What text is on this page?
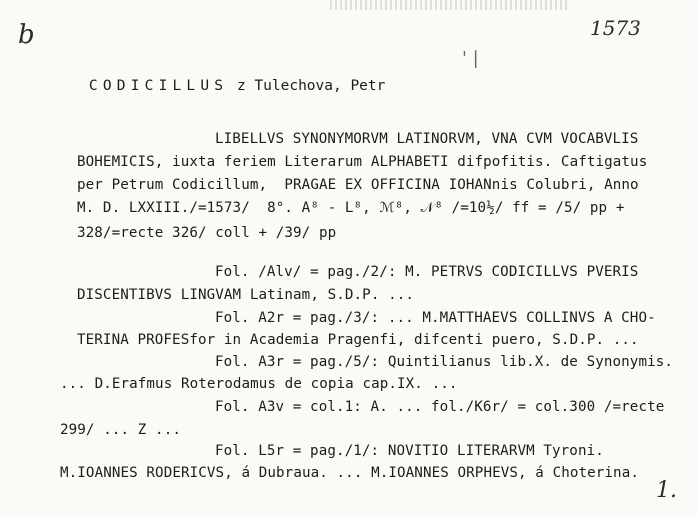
b	1573
' |
1.

CODICILLUS z Tulechova, Petr

LIBELLVS SYNONYMORVM LATINORVM, VNA CVM VOCABVLIS
BOHEMICIS, iuxta feriem Literarum ALPHABETI difpofitis. Caftigatus
per Petrum Codicillum,  PRAGAE EX OFFICINA IOHANnis Colubri, Anno
M. D. LXXIII./=1573/  8°. A⁸ - L⁸, ℳ⁸, 𝒩⁸ /=10½/ ff = /5/ pp +
328/=recte 326/ coll + /39/ pp
Fol. /Alv/ = pag./2/: M. PETRVS CODICILLVS PVERIS
DISCENTIBVS LINGVAM Latinam, S.D.P. ...
Fol. A2r = pag./3/: ... M.MATTHAEVS COLLINVS A CHO-
TERINA PROFESfor in Academia Pragenfi, difcenti puero, S.D.P. ...
Fol. A3r = pag./5/: Quintilianus lib.X. de Synonymis.
... D.Erafmus Roterodamus de copia cap.IX. ...
Fol. A3v = col.1: A. ... fol./K6r/ = col.300 /=recte
299/ ... Z ...
Fol. L5r = pag./1/: NOVITIO LITERARVM Tyroni.
M.IOANNES RODERICVS, á Dubraua. ... M.IOANNES ORPHEVS, á Choterina.
